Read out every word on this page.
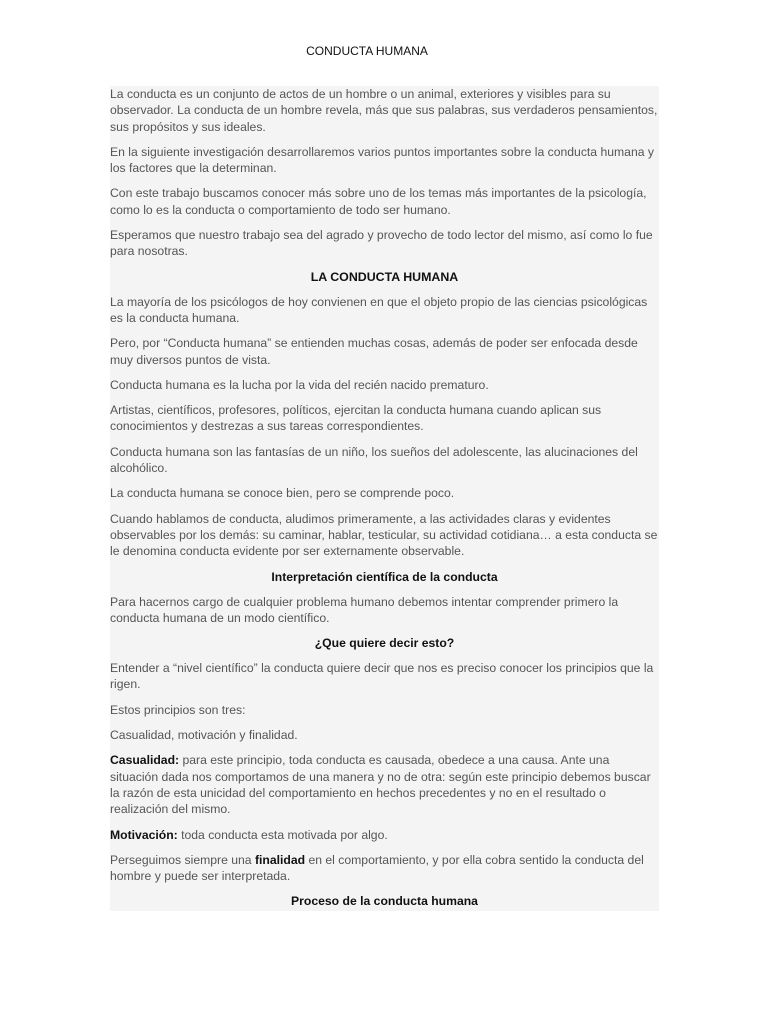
CONDUCTA HUMANA

La conducta es un conjunto de actos de un hombre o un animal, exteriores y visibles para su observador. La conducta de un hombre revela, más que sus palabras, sus verdaderos pensamientos, sus propósitos y sus ideales.

En la siguiente investigación desarrollaremos varios puntos importantes sobre la conducta humana y los factores que la determinan.

Con este trabajo buscamos conocer más sobre uno de los temas más importantes de la psicología, como lo es la conducta o comportamiento de todo ser humano.

Esperamos que nuestro trabajo sea del agrado y provecho de todo lector del mismo, así como lo fue para nosotras.

LA CONDUCTA HUMANA

La mayoría de los psicólogos de hoy convienen en que el objeto propio de las ciencias psicológicas es la conducta humana.

Pero, por “Conducta humana” se entienden muchas cosas, además de poder ser enfocada desde muy diversos puntos de vista.

Conducta humana es la lucha por la vida del recién nacido prematuro.

Artistas, científicos, profesores, políticos, ejercitan la conducta humana cuando aplican sus conocimientos y destrezas a sus tareas correspondientes.

Conducta humana son las fantasías de un niño, los sueños del adolescente, las alucinaciones del alcohólico.

La conducta humana se conoce bien, pero se comprende poco.

Cuando hablamos de conducta, aludimos primeramente, a las actividades claras y evidentes observables por los demás: su caminar, hablar, testicular, su actividad cotidiana… a esta conducta se le denomina conducta evidente por ser externamente observable.

Interpretación científica de la conducta

Para hacernos cargo de cualquier problema humano debemos intentar comprender primero la conducta humana de un modo científico.

¿Que quiere decir esto?

Entender a “nivel científico” la conducta quiere decir que nos es preciso conocer los principios que la rigen.

Estos principios son tres:

Casualidad, motivación y finalidad.

Casualidad: para este principio, toda conducta es causada, obedece a una causa. Ante una situación dada nos comportamos de una manera y no de otra: según este principio debemos buscar la razón de esta unicidad del comportamiento en hechos precedentes y no en el resultado o realización del mismo.

Motivación: toda conducta esta motivada por algo.

Perseguimos siempre una finalidad en el comportamiento, y por ella cobra sentido la conducta del hombre y puede ser interpretada.

Proceso de la conducta humana
